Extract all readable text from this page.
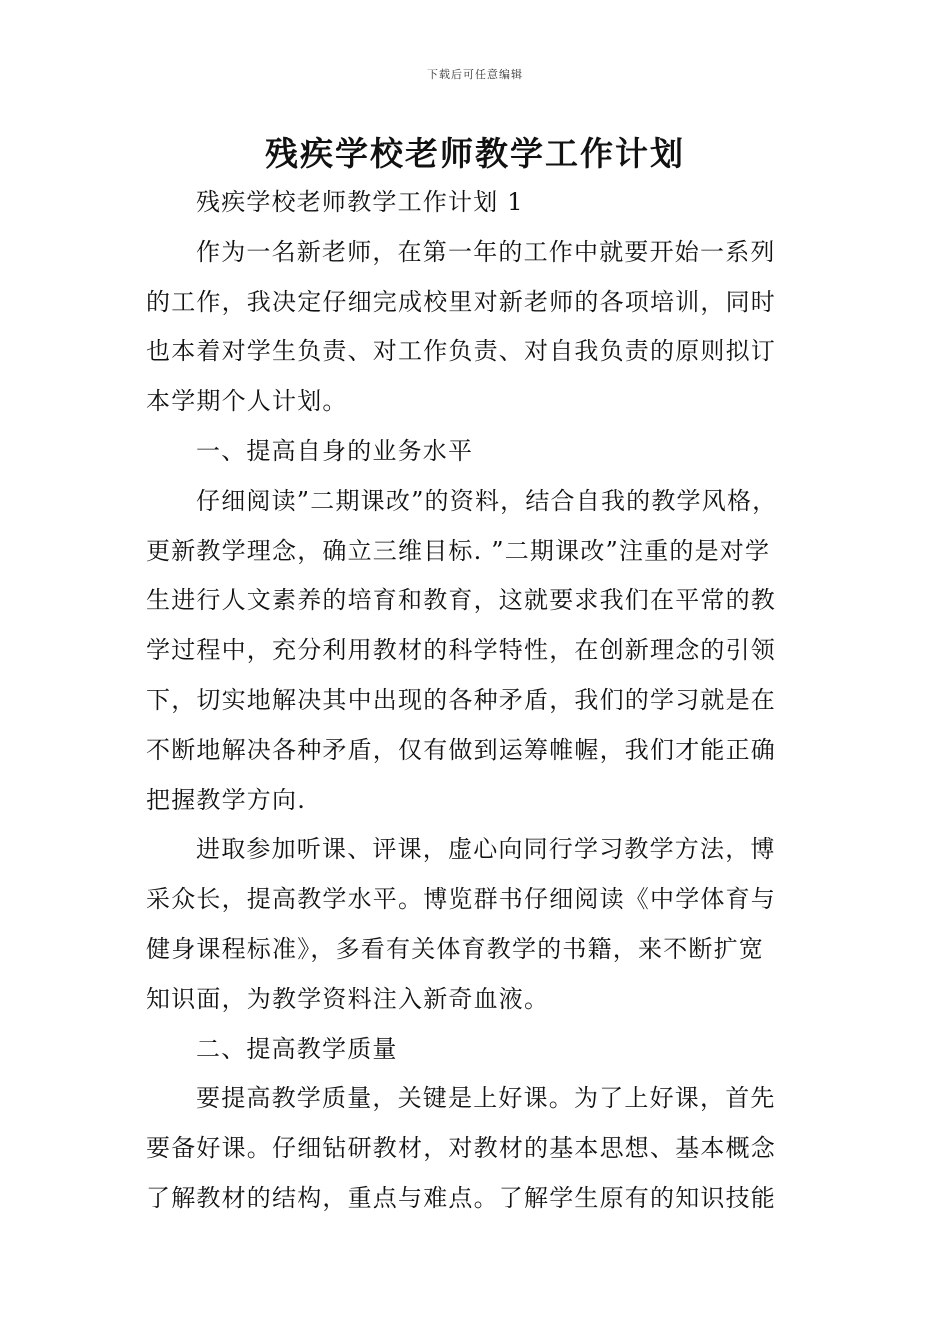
下载后可任意编辑
残疾学校老师教学工作计划

残疾学校老师教学工作计划 1

作为一名新老师，在第一年的工作中就要开始一系列
的工作，我决定仔细完成校里对新老师的各项培训，同时
也本着对学生负责、对工作负责、对自我负责的原则拟订
本学期个人计划。

一、提高自身的业务水平

仔细阅读”二期课改”的资料，结合自我的教学风格，
更新教学理念，确立三维目标. ”二期课改”注重的是对学
生进行人文素养的培育和教育，这就要求我们在平常的教
学过程中，充分利用教材的科学特性，在创新理念的引领
下，切实地解决其中出现的各种矛盾，我们的学习就是在
不断地解决各种矛盾，仅有做到运筹帷幄，我们才能正确
把握教学方向.

进取参加听课、评课，虚心向同行学习教学方法，博
采众长，提高教学水平。博览群书仔细阅读《中学体育与
健身课程标准》，多看有关体育教学的书籍，来不断扩宽
知识面，为教学资料注入新奇血液。

二、提高教学质量

要提高教学质量，关键是上好课。为了上好课，首先
要备好课。仔细钻研教材，对教材的基本思想、基本概念
了解教材的结构，重点与难点。了解学生原有的知识技能
